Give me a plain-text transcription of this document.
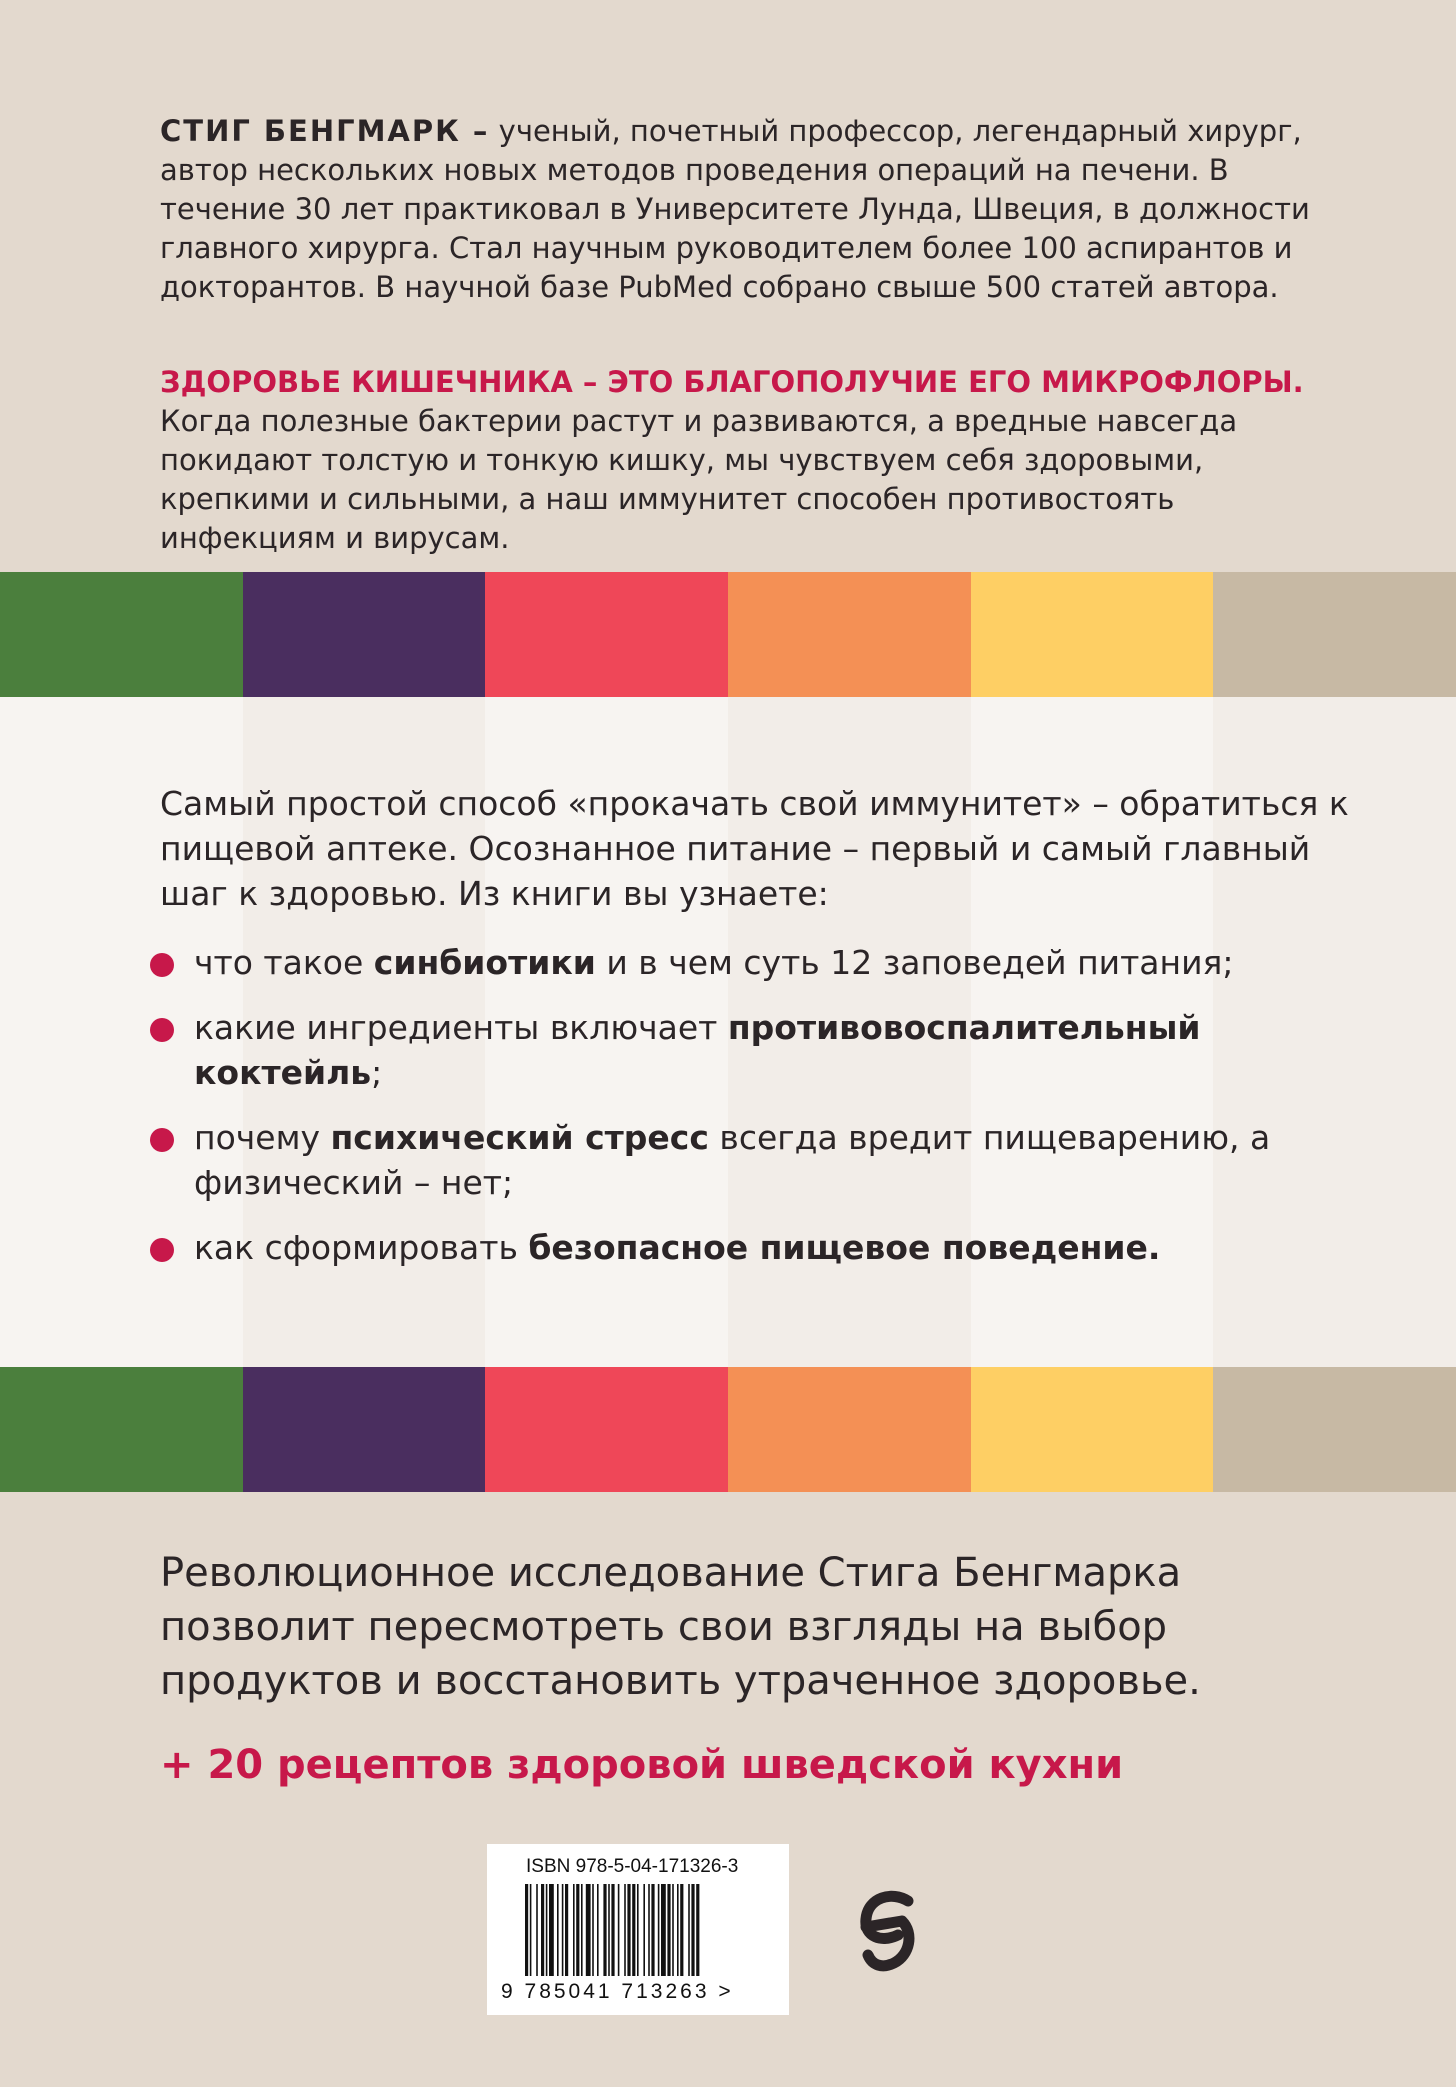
СТИГ БЕНГМАРК – ученый, почетный профессор, легендарный хирург, автор нескольких новых методов проведения операций на печени. В течение 30 лет практиковал в Университете Лунда, Швеция, в должности главного хирурга. Стал научным руководителем более 100 аспирантов и докторантов. В научной базе PubMed собрано свыше 500 статей автора.
ЗДОРОВЬЕ КИШЕЧНИКА – ЭТО БЛАГОПОЛУЧИЕ ЕГО МИКРОФЛОРЫ. Когда полезные бактерии растут и развиваются, а вредные навсегда покидают толстую и тонкую кишку, мы чувствуем себя здоровыми, крепкими и сильными, а наш иммунитет способен противостоять инфекциям и вирусам.
Самый простой способ «прокачать свой иммунитет» – обратиться к пищевой аптеке. Осознанное питание – первый и самый главный шаг к здоровью. Из книги вы узнаете:
что такое синбиотики и в чем суть 12 заповедей питания;
какие ингредиенты включает противовоспалительный коктейль;
почему психический стресс всегда вредит пищеварению, а физический – нет;
как сформировать безопасное пищевое поведение.
Революционное исследование Стига Бенгмарка позволит пересмотреть свои взгляды на выбор продуктов и восстановить утраченное здоровье.
+ 20 рецептов здоровой шведской кухни
ISBN 978-5-04-171326-3
9 785041 713263 >
